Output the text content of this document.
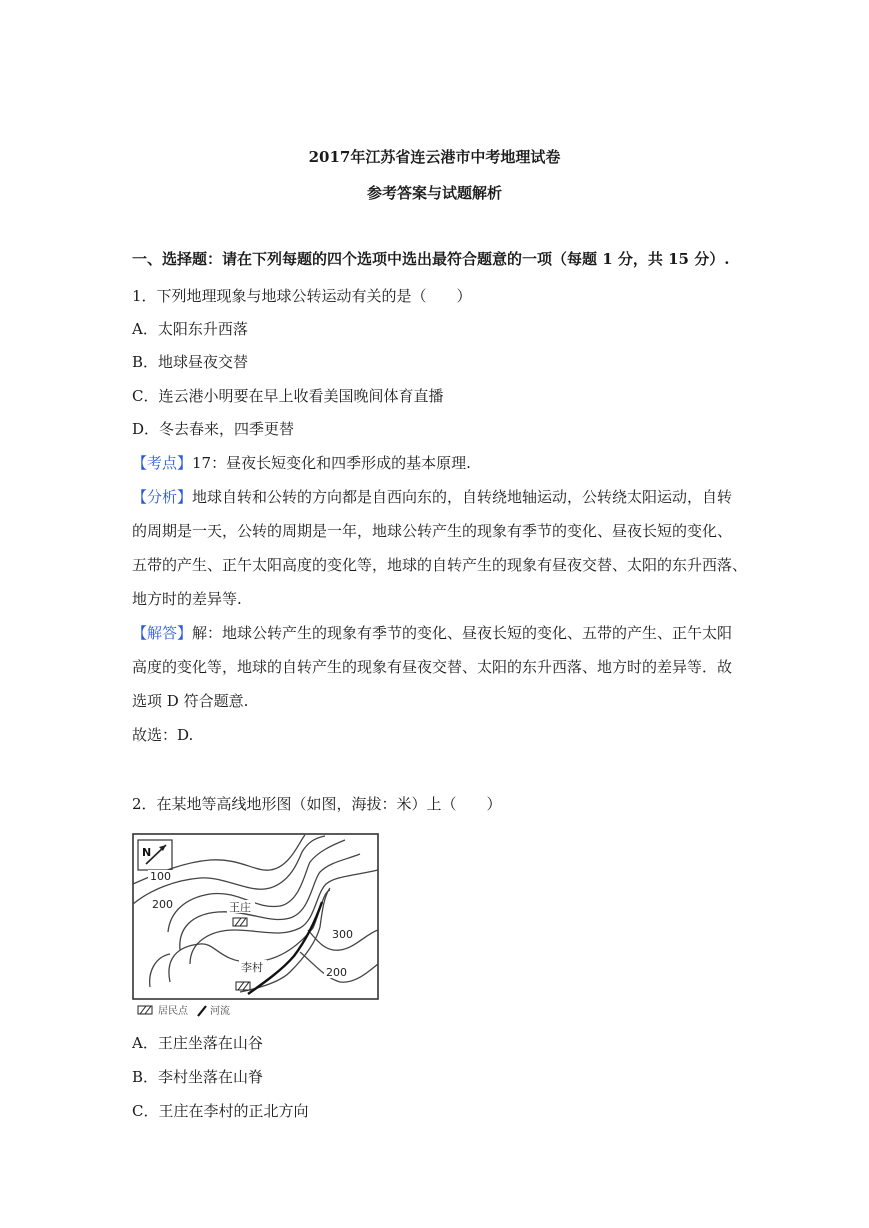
2017年江苏省连云港市中考地理试卷
参考答案与试题解析
一、选择题：请在下列每题的四个选项中选出最符合题意的一项（每题 1 分，共 15 分）.
1．下列地理现象与地球公转运动有关的是（　　）
A．太阳东升西落
B．地球昼夜交替
C．连云港小明要在早上收看美国晚间体育直播
D．冬去春来，四季更替
【考点】17：昼夜长短变化和四季形成的基本原理.
【分析】地球自转和公转的方向都是自西向东的，自转绕地轴运动，公转绕太阳运动，自转
的周期是一天，公转的周期是一年，地球公转产生的现象有季节的变化、昼夜长短的变化、
五带的产生、正午太阳高度的变化等，地球的自转产生的现象有昼夜交替、太阳的东升西落、
地方时的差异等.
【解答】解：地球公转产生的现象有季节的变化、昼夜长短的变化、五带的产生、正午太阳
高度的变化等，地球的自转产生的现象有昼夜交替、太阳的东升西落、地方时的差异等．故
选项 D 符合题意.
故选：D.
2．在某地等高线地形图（如图，海拔：米）上（　　）
N
100
200
300
200
王庄
李村
居民点 河流
A．王庄坐落在山谷
B．李村坐落在山脊
C．王庄在李村的正北方向
